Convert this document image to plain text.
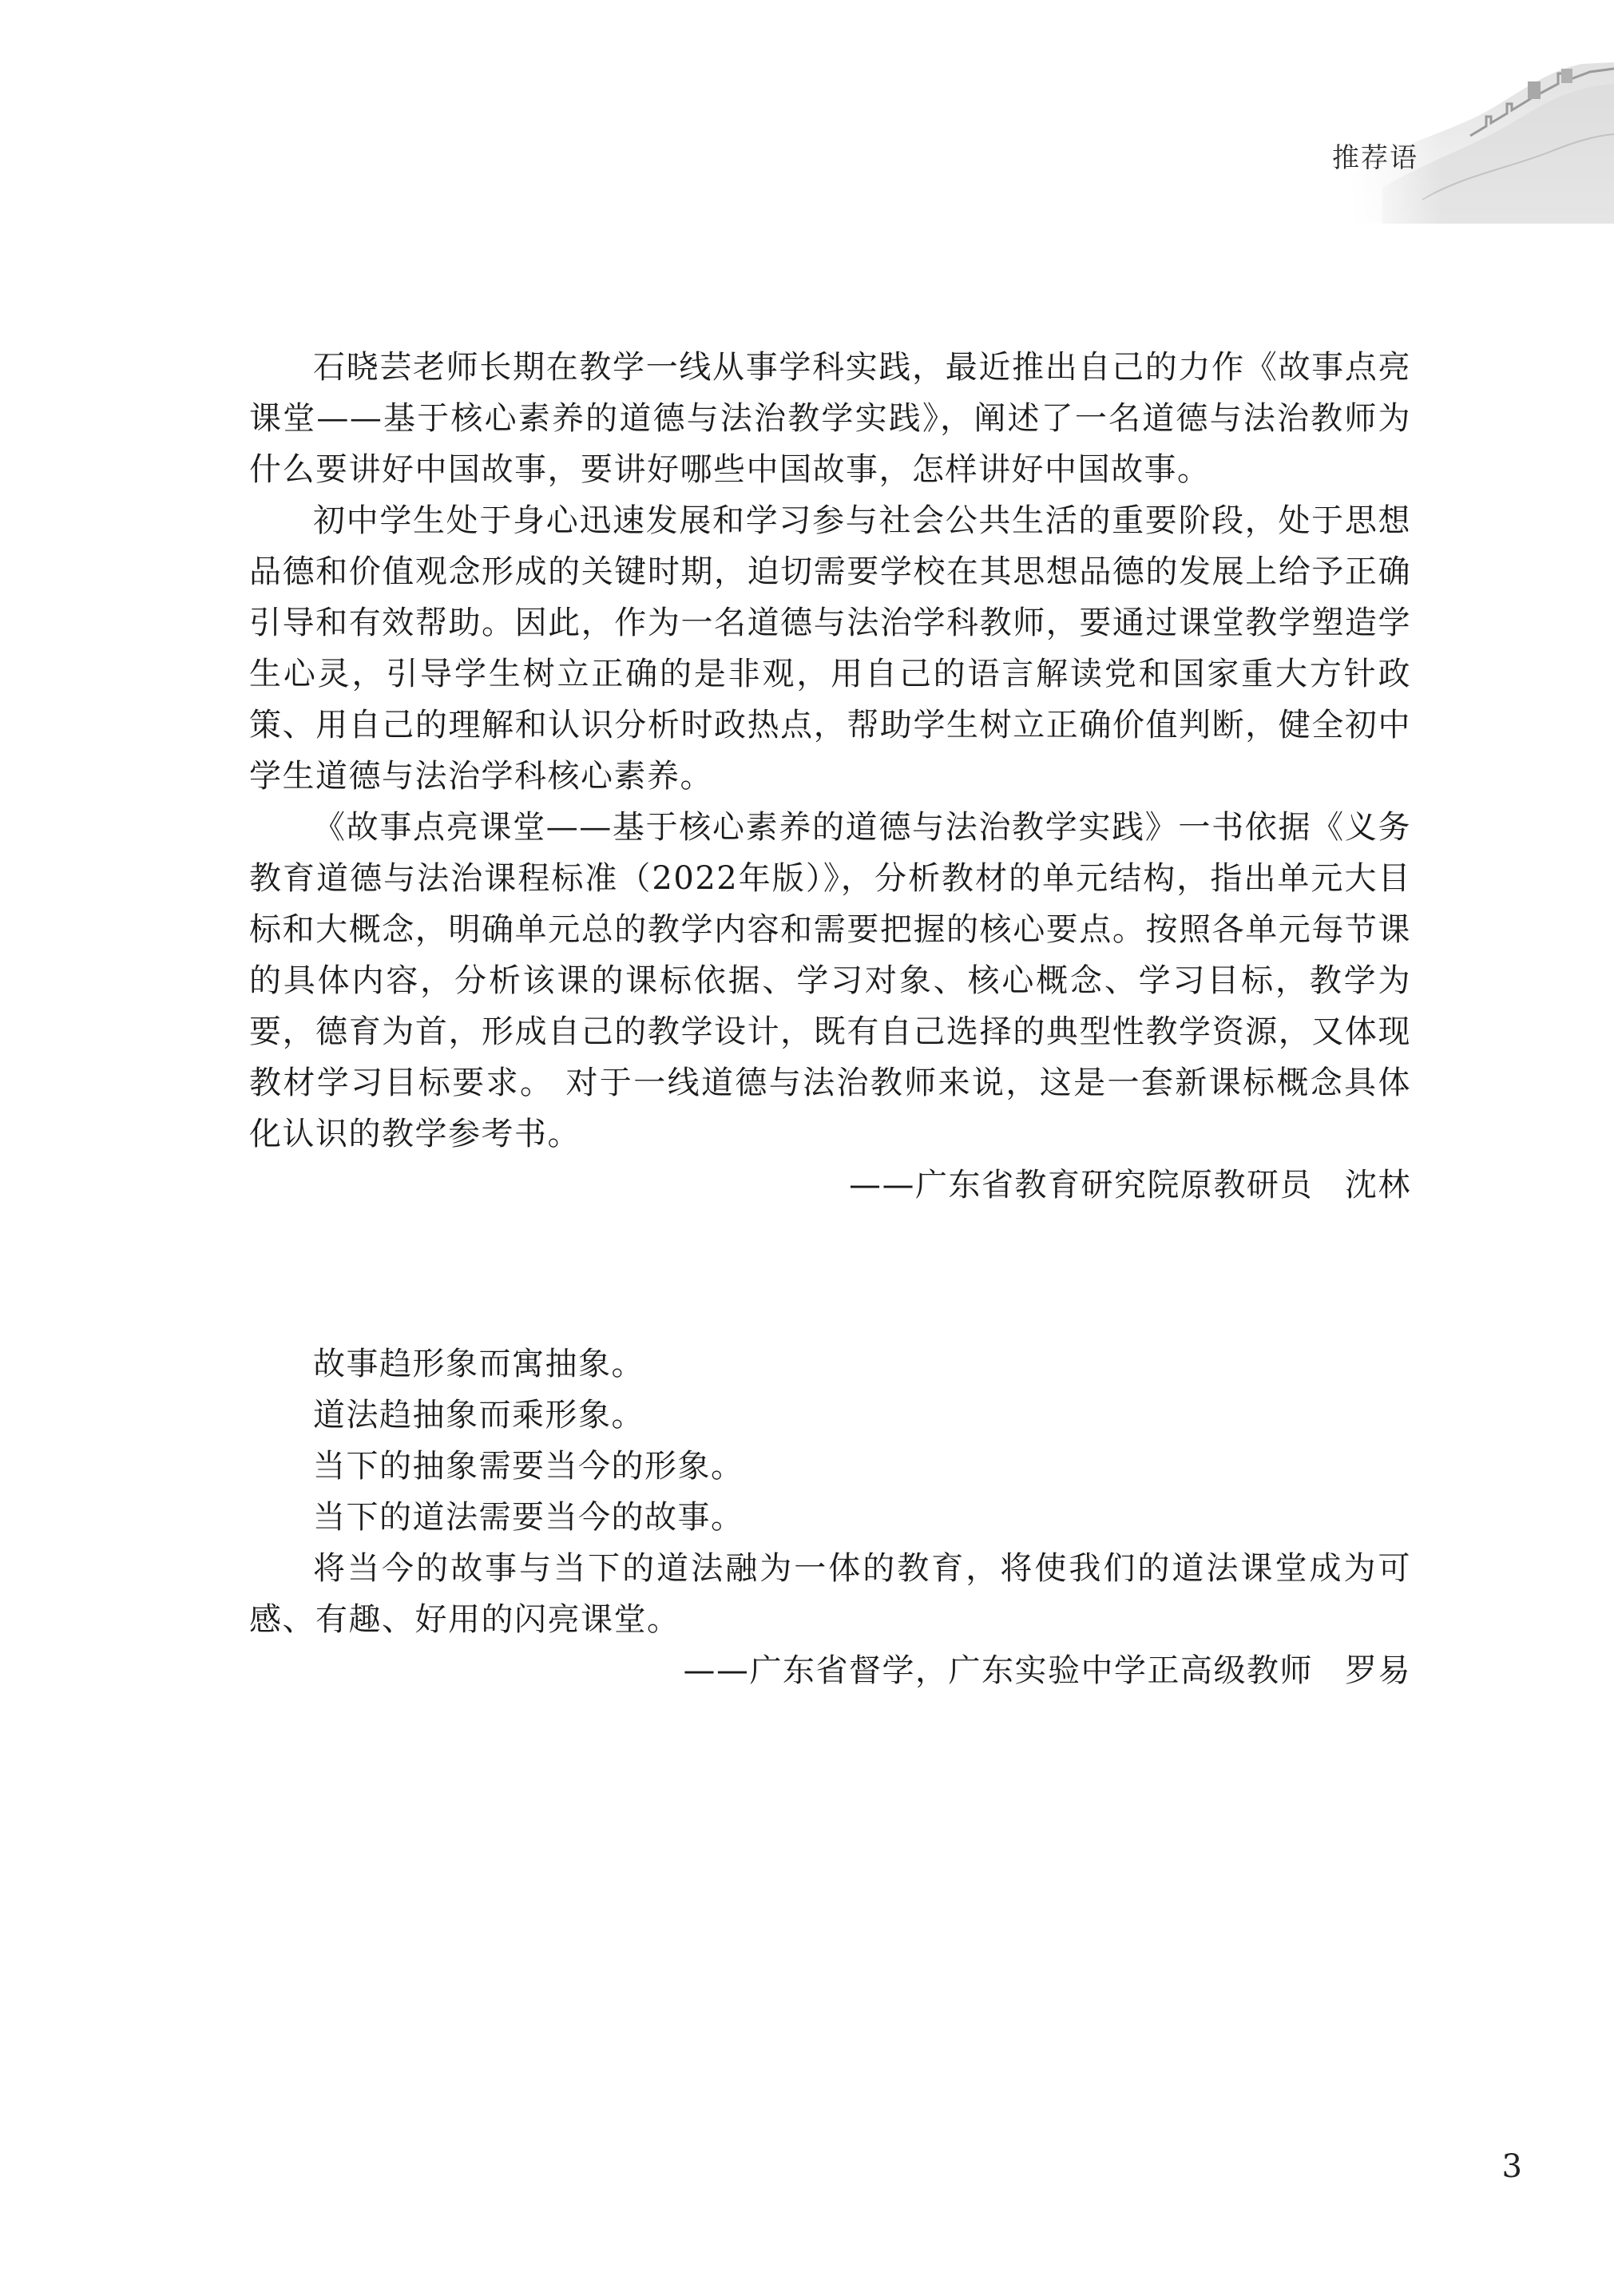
推荐语

石晓芸老师长期在教学一线从事学科实践，最近推出自己的力作《故事点亮课堂——基于核心素养的道德与法治教学实践》，阐述了一名道德与法治教师为什么要讲好中国故事，要讲好哪些中国故事，怎样讲好中国故事。

初中学生处于身心迅速发展和学习参与社会公共生活的重要阶段，处于思想品德和价值观念形成的关键时期，迫切需要学校在其思想品德的发展上给予正确引导和有效帮助。因此，作为一名道德与法治学科教师，要通过课堂教学塑造学生心灵，引导学生树立正确的是非观，用自己的语言解读党和国家重大方针政策、用自己的理解和认识分析时政热点，帮助学生树立正确价值判断，健全初中学生道德与法治学科核心素养。

《故事点亮课堂——基于核心素养的道德与法治教学实践》一书依据《义务教育道德与法治课程标准（2022年版）》，分析教材的单元结构，指出单元大目标和大概念，明确单元总的教学内容和需要把握的核心要点。按照各单元每节课的具体内容，分析该课的课标依据、学习对象、核心概念、学习目标，教学为要，德育为首，形成自己的教学设计，既有自己选择的典型性教学资源，又体现教材学习目标要求。 对于一线道德与法治教师来说，这是一套新课标概念具体化认识的教学参考书。

——广东省教育研究院原教研员 沈林

故事趋形象而寓抽象。

道法趋抽象而乘形象。

当下的抽象需要当今的形象。

当下的道法需要当今的故事。

将当今的故事与当下的道法融为一体的教育，将使我们的道法课堂成为可感、有趣、好用的闪亮课堂。

——广东省督学，广东实验中学正高级教师 罗易

3
